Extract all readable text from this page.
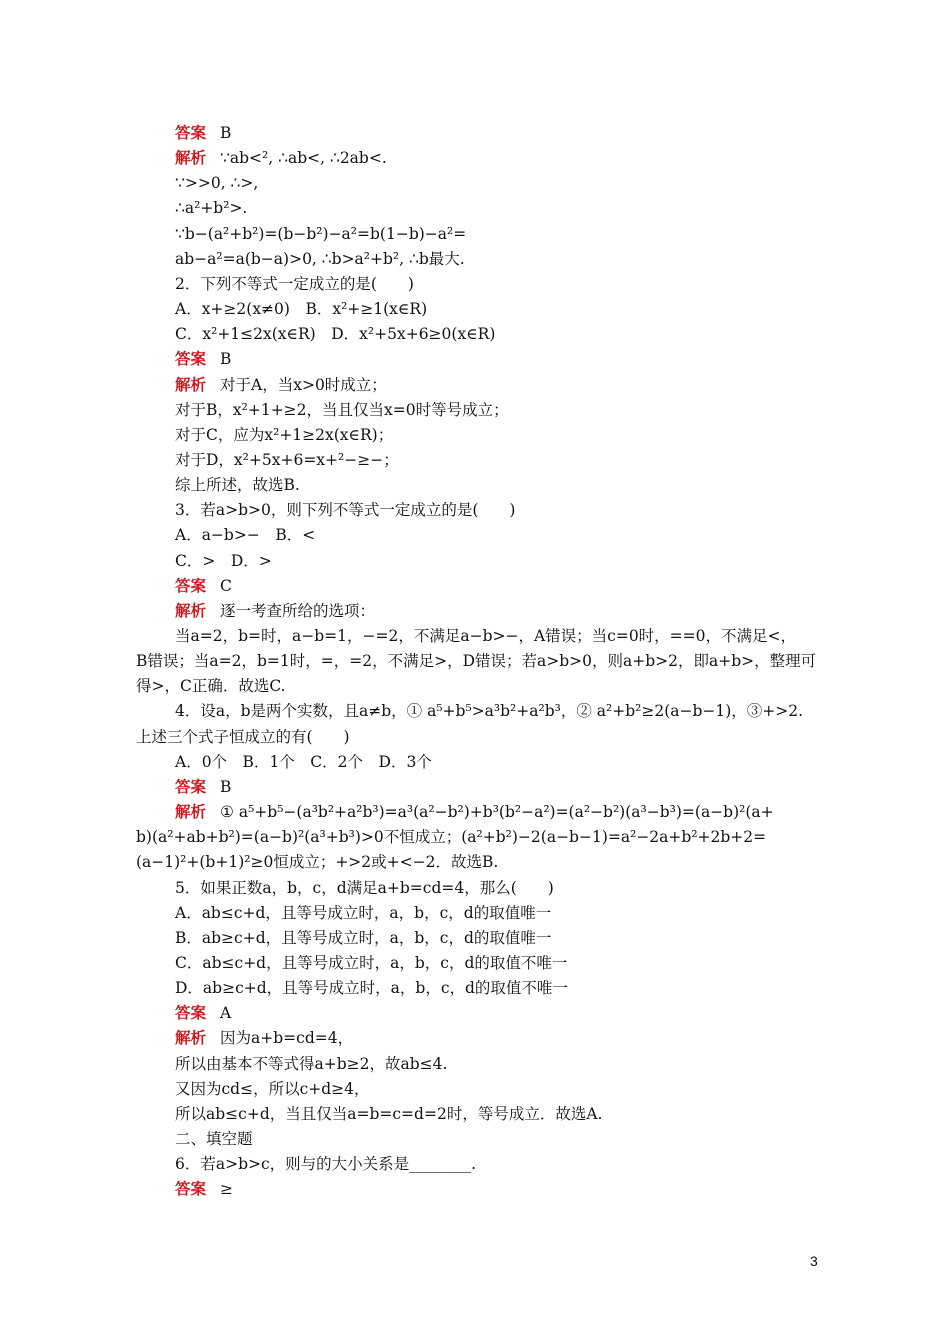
答案 B
解析 ∵ab<², ∴ab<, ∴2ab<.
∵>>0, ∴>,
∴a²+b²>.
∵b−(a²+b²)=(b−b²)−a²=b(1−b)−a²=
ab−a²=a(b−a)>0, ∴b>a²+b², ∴b最大.
2．下列不等式一定成立的是(　　)
A．x+≥2(x≠0)　B．x²+≥1(x∈R)
C．x²+1≤2x(x∈R)　D．x²+5x+6≥0(x∈R)
答案 B
解析 对于A，当x>0时成立；
对于B，x²+1+≥2，当且仅当x=0时等号成立；
对于C，应为x²+1≥2x(x∈R)；
对于D，x²+5x+6=x+²−≥−；
综上所述，故选B.
3．若a>b>0，则下列不等式一定成立的是(　　)
A．a−b>−　B．<
C．>　D．>
答案 C
解析 逐一考查所给的选项：
当a=2，b=时，a−b=1，−=2，不满足a−b>−，A错误；当c=0时，==0，不满足<，
B错误；当a=2，b=1时，=，=2，不满足>，D错误；若a>b>0，则a+b>2，即a+b>，整理可
得>，C正确．故选C.
4．设a，b是两个实数，且a≠b，① a⁵+b⁵>a³b²+a²b³，② a²+b²≥2(a−b−1)，③+>2.
上述三个式子恒成立的有(　　)
A．0个　B．1个　C．2个　D．3个
答案 B
解析 ① a⁵+b⁵−(a³b²+a²b³)=a³(a²−b²)+b³(b²−a²)=(a²−b²)(a³−b³)=(a−b)²(a+
b)(a²+ab+b²)=(a−b)²(a³+b³)>0不恒成立；(a²+b²)−2(a−b−1)=a²−2a+b²+2b+2=
(a−1)²+(b+1)²≥0恒成立；+>2或+<−2．故选B.
5．如果正数a，b，c，d满足a+b=cd=4，那么(　　)
A．ab≤c+d，且等号成立时，a，b，c，d的取值唯一
B．ab≥c+d，且等号成立时，a，b，c，d的取值唯一
C．ab≤c+d，且等号成立时，a，b，c，d的取值不唯一
D．ab≥c+d，且等号成立时，a，b，c，d的取值不唯一
答案 A
解析 因为a+b=cd=4，
所以由基本不等式得a+b≥2，故ab≤4.
又因为cd≤，所以c+d≥4，
所以ab≤c+d，当且仅当a=b=c=d=2时，等号成立．故选A.
二、填空题
6．若a>b>c，则与的大小关系是________.
答案 ≥
3
